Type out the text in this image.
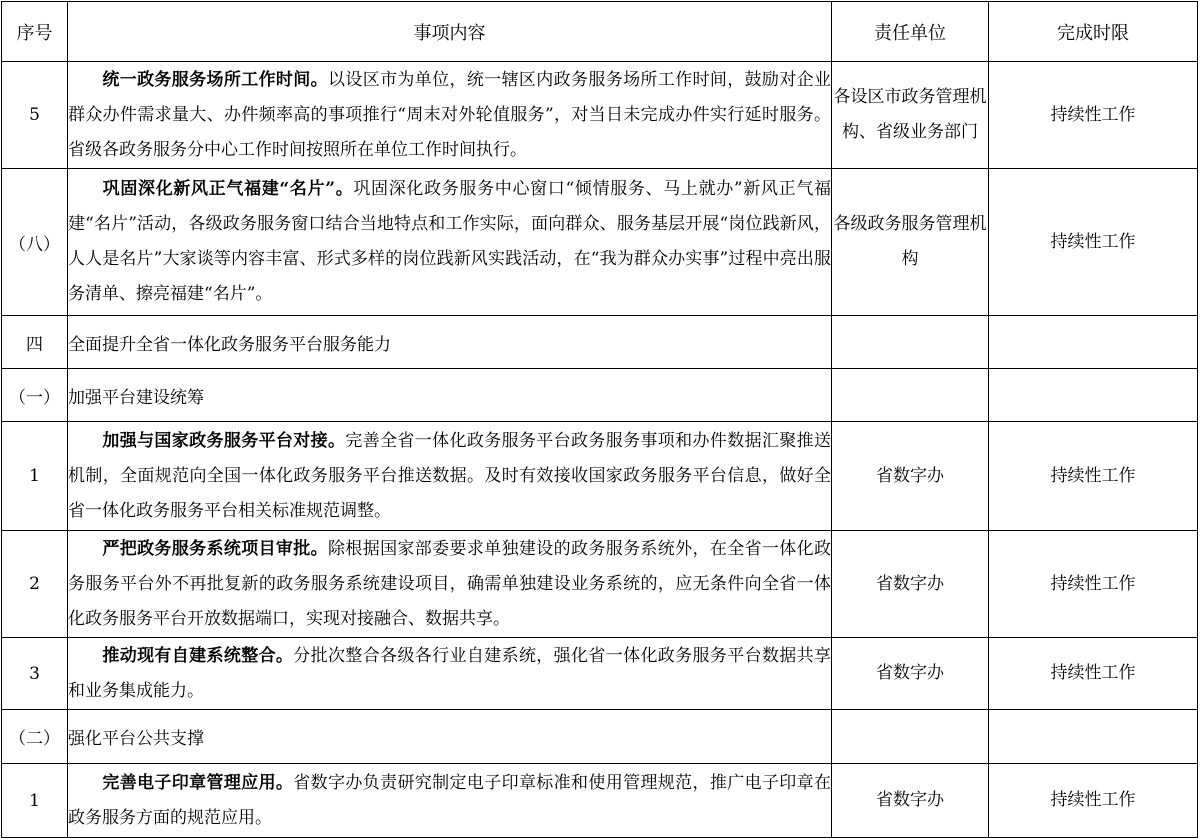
序号	事项内容	责任单位	完成时限
5	统一政务服务场所工作时间。以设区市为单位，统一辖区内政务服务场所工作时间，鼓励对企业群众办件需求量大、办件频率高的事项推行“周末对外轮值服务”，对当日未完成办件实行延时服务。省级各政务服务分中心工作时间按照所在单位工作时间执行。	各设区市政务管理机构、省级业务部门	持续性工作
（八）	巩固深化新风正气福建“名片”。巩固深化政务服务中心窗口“倾情服务、马上就办”新风正气福建“名片”活动，各级政务服务窗口结合当地特点和工作实际，面向群众、服务基层开展“岗位践新风，人人是名片”大家谈等内容丰富、形式多样的岗位践新风实践活动，在“我为群众办实事”过程中亮出服务清单、擦亮福建“名片”。	各级政务服务管理机构	持续性工作
四	全面提升全省一体化政务服务平台服务能力		
（一）	加强平台建设统筹		
1	加强与国家政务服务平台对接。完善全省一体化政务服务平台政务服务事项和办件数据汇聚推送机制，全面规范向全国一体化政务服务平台推送数据。及时有效接收国家政务服务平台信息，做好全省一体化政务服务平台相关标准规范调整。	省数字办	持续性工作
2	严把政务服务系统项目审批。除根据国家部委要求单独建设的政务服务系统外，在全省一体化政务服务平台外不再批复新的政务服务系统建设项目，确需单独建设业务系统的，应无条件向全省一体化政务服务平台开放数据端口，实现对接融合、数据共享。	省数字办	持续性工作
3	推动现有自建系统整合。分批次整合各级各行业自建系统，强化省一体化政务服务平台数据共享和业务集成能力。	省数字办	持续性工作
（二）	强化平台公共支撑		
1	完善电子印章管理应用。省数字办负责研究制定电子印章标准和使用管理规范，推广电子印章在政务服务方面的规范应用。	省数字办	持续性工作
